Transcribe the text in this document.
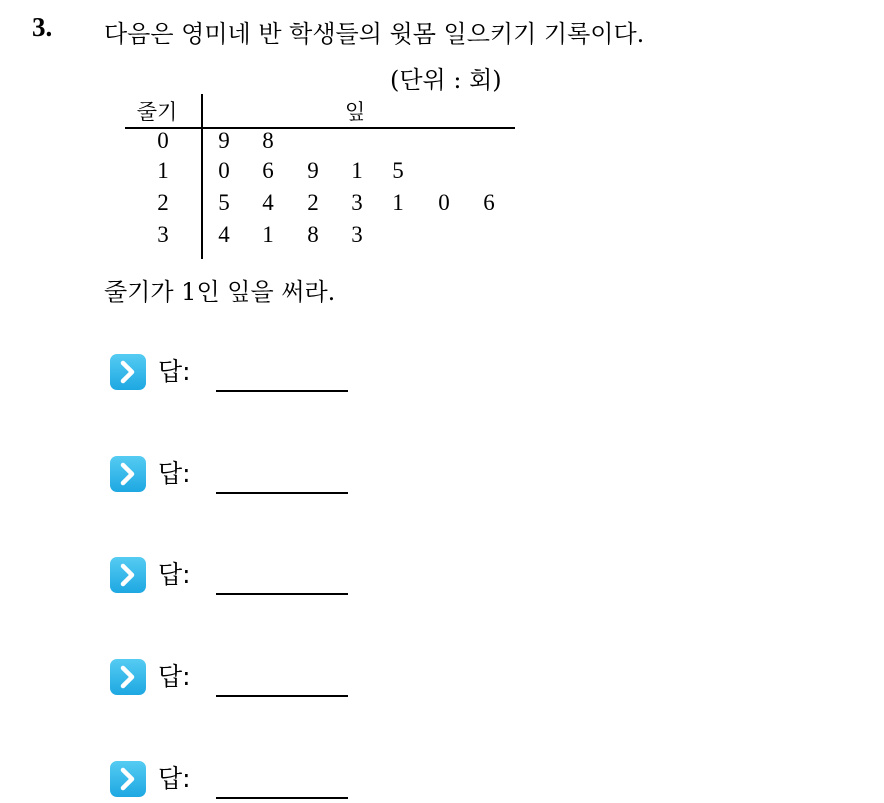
3. 다음은 영미네 반 학생들의 윗몸 일으키기 기록이다.
(단위 : 회)
줄기	잎
0	9 8
1	0 6 9 1 5
2	5 4 2 3 1 0 6
3	4 1 8 3
줄기가 1인 잎을 써라.
답:
답:
답:
답:
답:
